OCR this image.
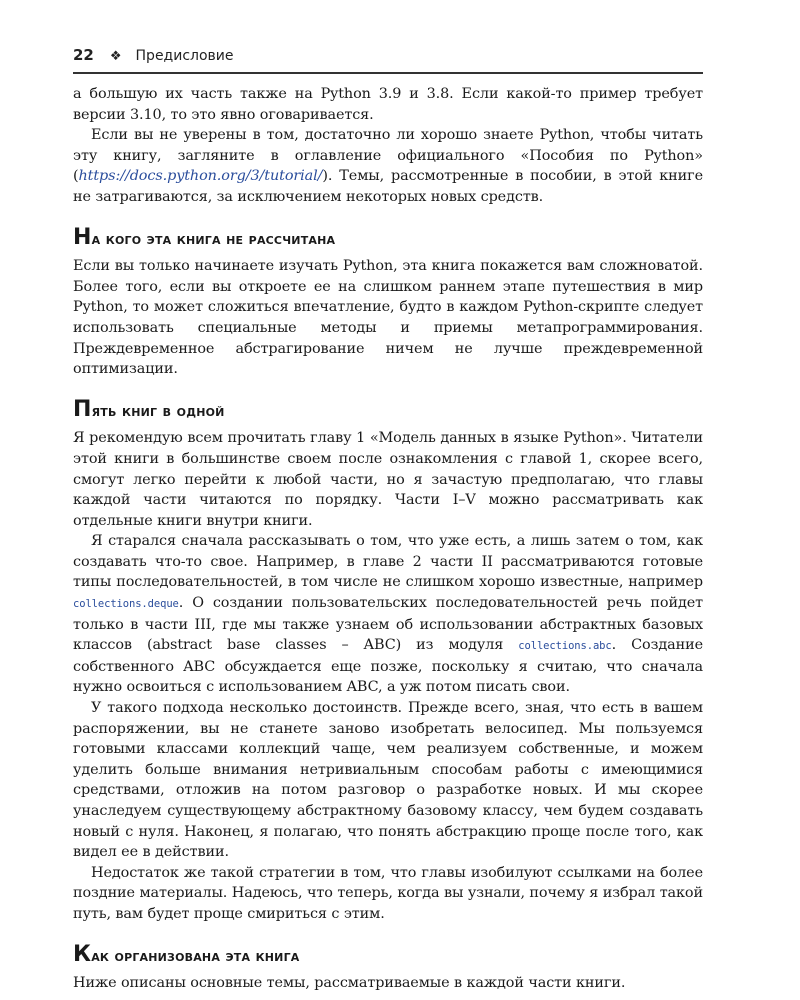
22 ❖ Предисловие

а большую их часть также на Python 3.9 и 3.8. Если какой-то пример требует версии 3.10, то это явно оговаривается.

Если вы не уверены в том, достаточно ли хорошо знаете Python, чтобы читать эту книгу, загляните в оглавление официального «Пособия по Python» (https://docs.python.org/3/tutorial/). Темы, рассмотренные в пособии, в этой книге не затрагиваются, за исключением некоторых новых средств.

На кого эта книга не рассчитана

Если вы только начинаете изучать Python, эта книга покажется вам сложноватой. Более того, если вы откроете ее на слишком раннем этапе путешествия в мир Python, то может сложиться впечатление, будто в каждом Python-скрипте следует использовать специальные методы и приемы метапрограммирования. Преждевременное абстрагирование ничем не лучше преждевременной оптимизации.

Пять книг в одной

Я рекомендую всем прочитать главу 1 «Модель данных в языке Python». Читатели этой книги в большинстве своем после ознакомления с главой 1, скорее всего, смогут легко перейти к любой части, но я зачастую предполагаю, что главы каждой части читаются по порядку. Части I–V можно рассматривать как отдельные книги внутри книги.

Я старался сначала рассказывать о том, что уже есть, а лишь затем о том, как создавать что-то свое. Например, в главе 2 части II рассматриваются готовые типы последовательностей, в том числе не слишком хорошо известные, например collections.deque. О создании пользовательских последовательностей речь пойдет только в части III, где мы также узнаем об использовании абстрактных базовых классов (abstract base classes – ABC) из модуля collections.abc. Создание собственного ABC обсуждается еще позже, поскольку я считаю, что сначала нужно освоиться с использованием ABC, а уж потом писать свои.

У такого подхода несколько достоинств. Прежде всего, зная, что есть в вашем распоряжении, вы не станете заново изобретать велосипед. Мы пользуемся готовыми классами коллекций чаще, чем реализуем собственные, и можем уделить больше внимания нетривиальным способам работы с имеющимися средствами, отложив на потом разговор о разработке новых. И мы скорее унаследуем существующему абстрактному базовому классу, чем будем создавать новый с нуля. Наконец, я полагаю, что понять абстракцию проще после того, как видел ее в действии.

Недостаток же такой стратегии в том, что главы изобилуют ссылками на более поздние материалы. Надеюсь, что теперь, когда вы узнали, почему я избрал такой путь, вам будет проще смириться с этим.

Как организована эта книга

Ниже описаны основные темы, рассматриваемые в каждой части книги.
